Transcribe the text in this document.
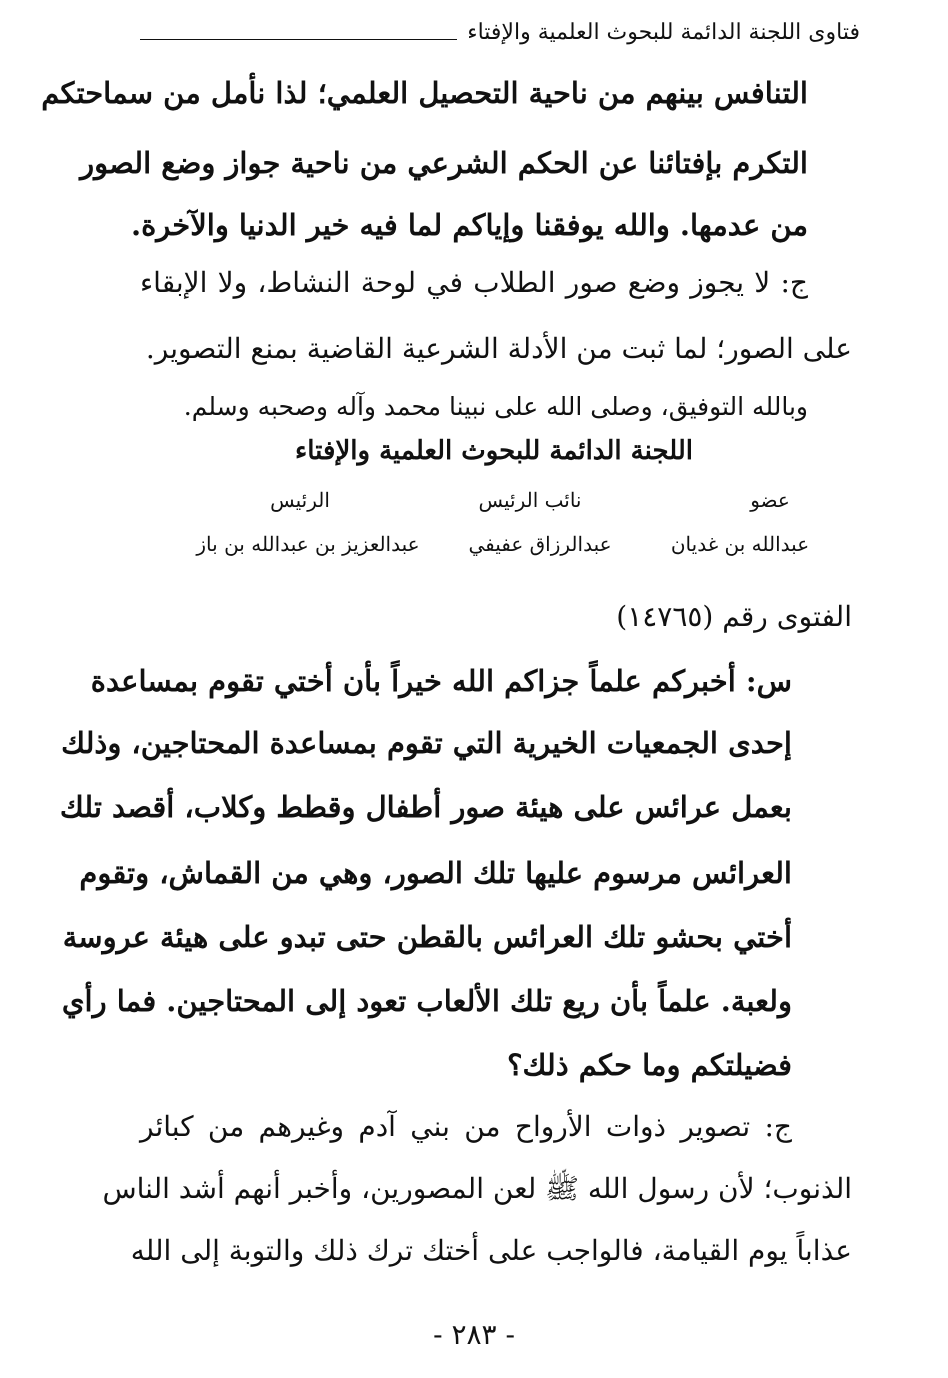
فتاوى اللجنة الدائمة للبحوث العلمية والإفتاء
التنافس بينهم من ناحية التحصيل العلمي؛ لذا نأمل من سماحتكم
التكرم بإفتائنا عن الحكم الشرعي من ناحية جواز وضع الصور
من عدمها. والله يوفقنا وإياكم لما فيه خير الدنيا والآخرة.
ج: لا يجوز وضع صور الطلاب في لوحة النشاط، ولا الإبقاء
على الصور؛ لما ثبت من الأدلة الشرعية القاضية بمنع التصوير.
وبالله التوفيق، وصلى الله على نبينا محمد وآله وصحبه وسلم.
اللجنة الدائمة للبحوث العلمية والإفتاء
عضو
نائب الرئيس
الرئيس
عبدالله بن غديان
عبدالرزاق عفيفي
عبدالعزيز بن عبدالله بن باز
الفتوى رقم (١٤٧٦٥)
س: أخبركم علماً جزاكم الله خيراً بأن أختي تقوم بمساعدة
إحدى الجمعيات الخيرية التي تقوم بمساعدة المحتاجين، وذلك
بعمل عرائس على هيئة صور أطفال وقطط وكلاب، أقصد تلك
العرائس مرسوم عليها تلك الصور، وهي من القماش، وتقوم
أختي بحشو تلك العرائس بالقطن حتى تبدو على هيئة عروسة
ولعبة. علماً بأن ريع تلك الألعاب تعود إلى المحتاجين. فما رأي
فضيلتكم وما حكم ذلك؟
ج: تصوير ذوات الأرواح من بني آدم وغيرهم من كبائر
الذنوب؛ لأن رسول الله ﷺ لعن المصورين، وأخبر أنهم أشد الناس
عذاباً يوم القيامة، فالواجب على أختك ترك ذلك والتوبة إلى الله
- ٢٨٣ -
